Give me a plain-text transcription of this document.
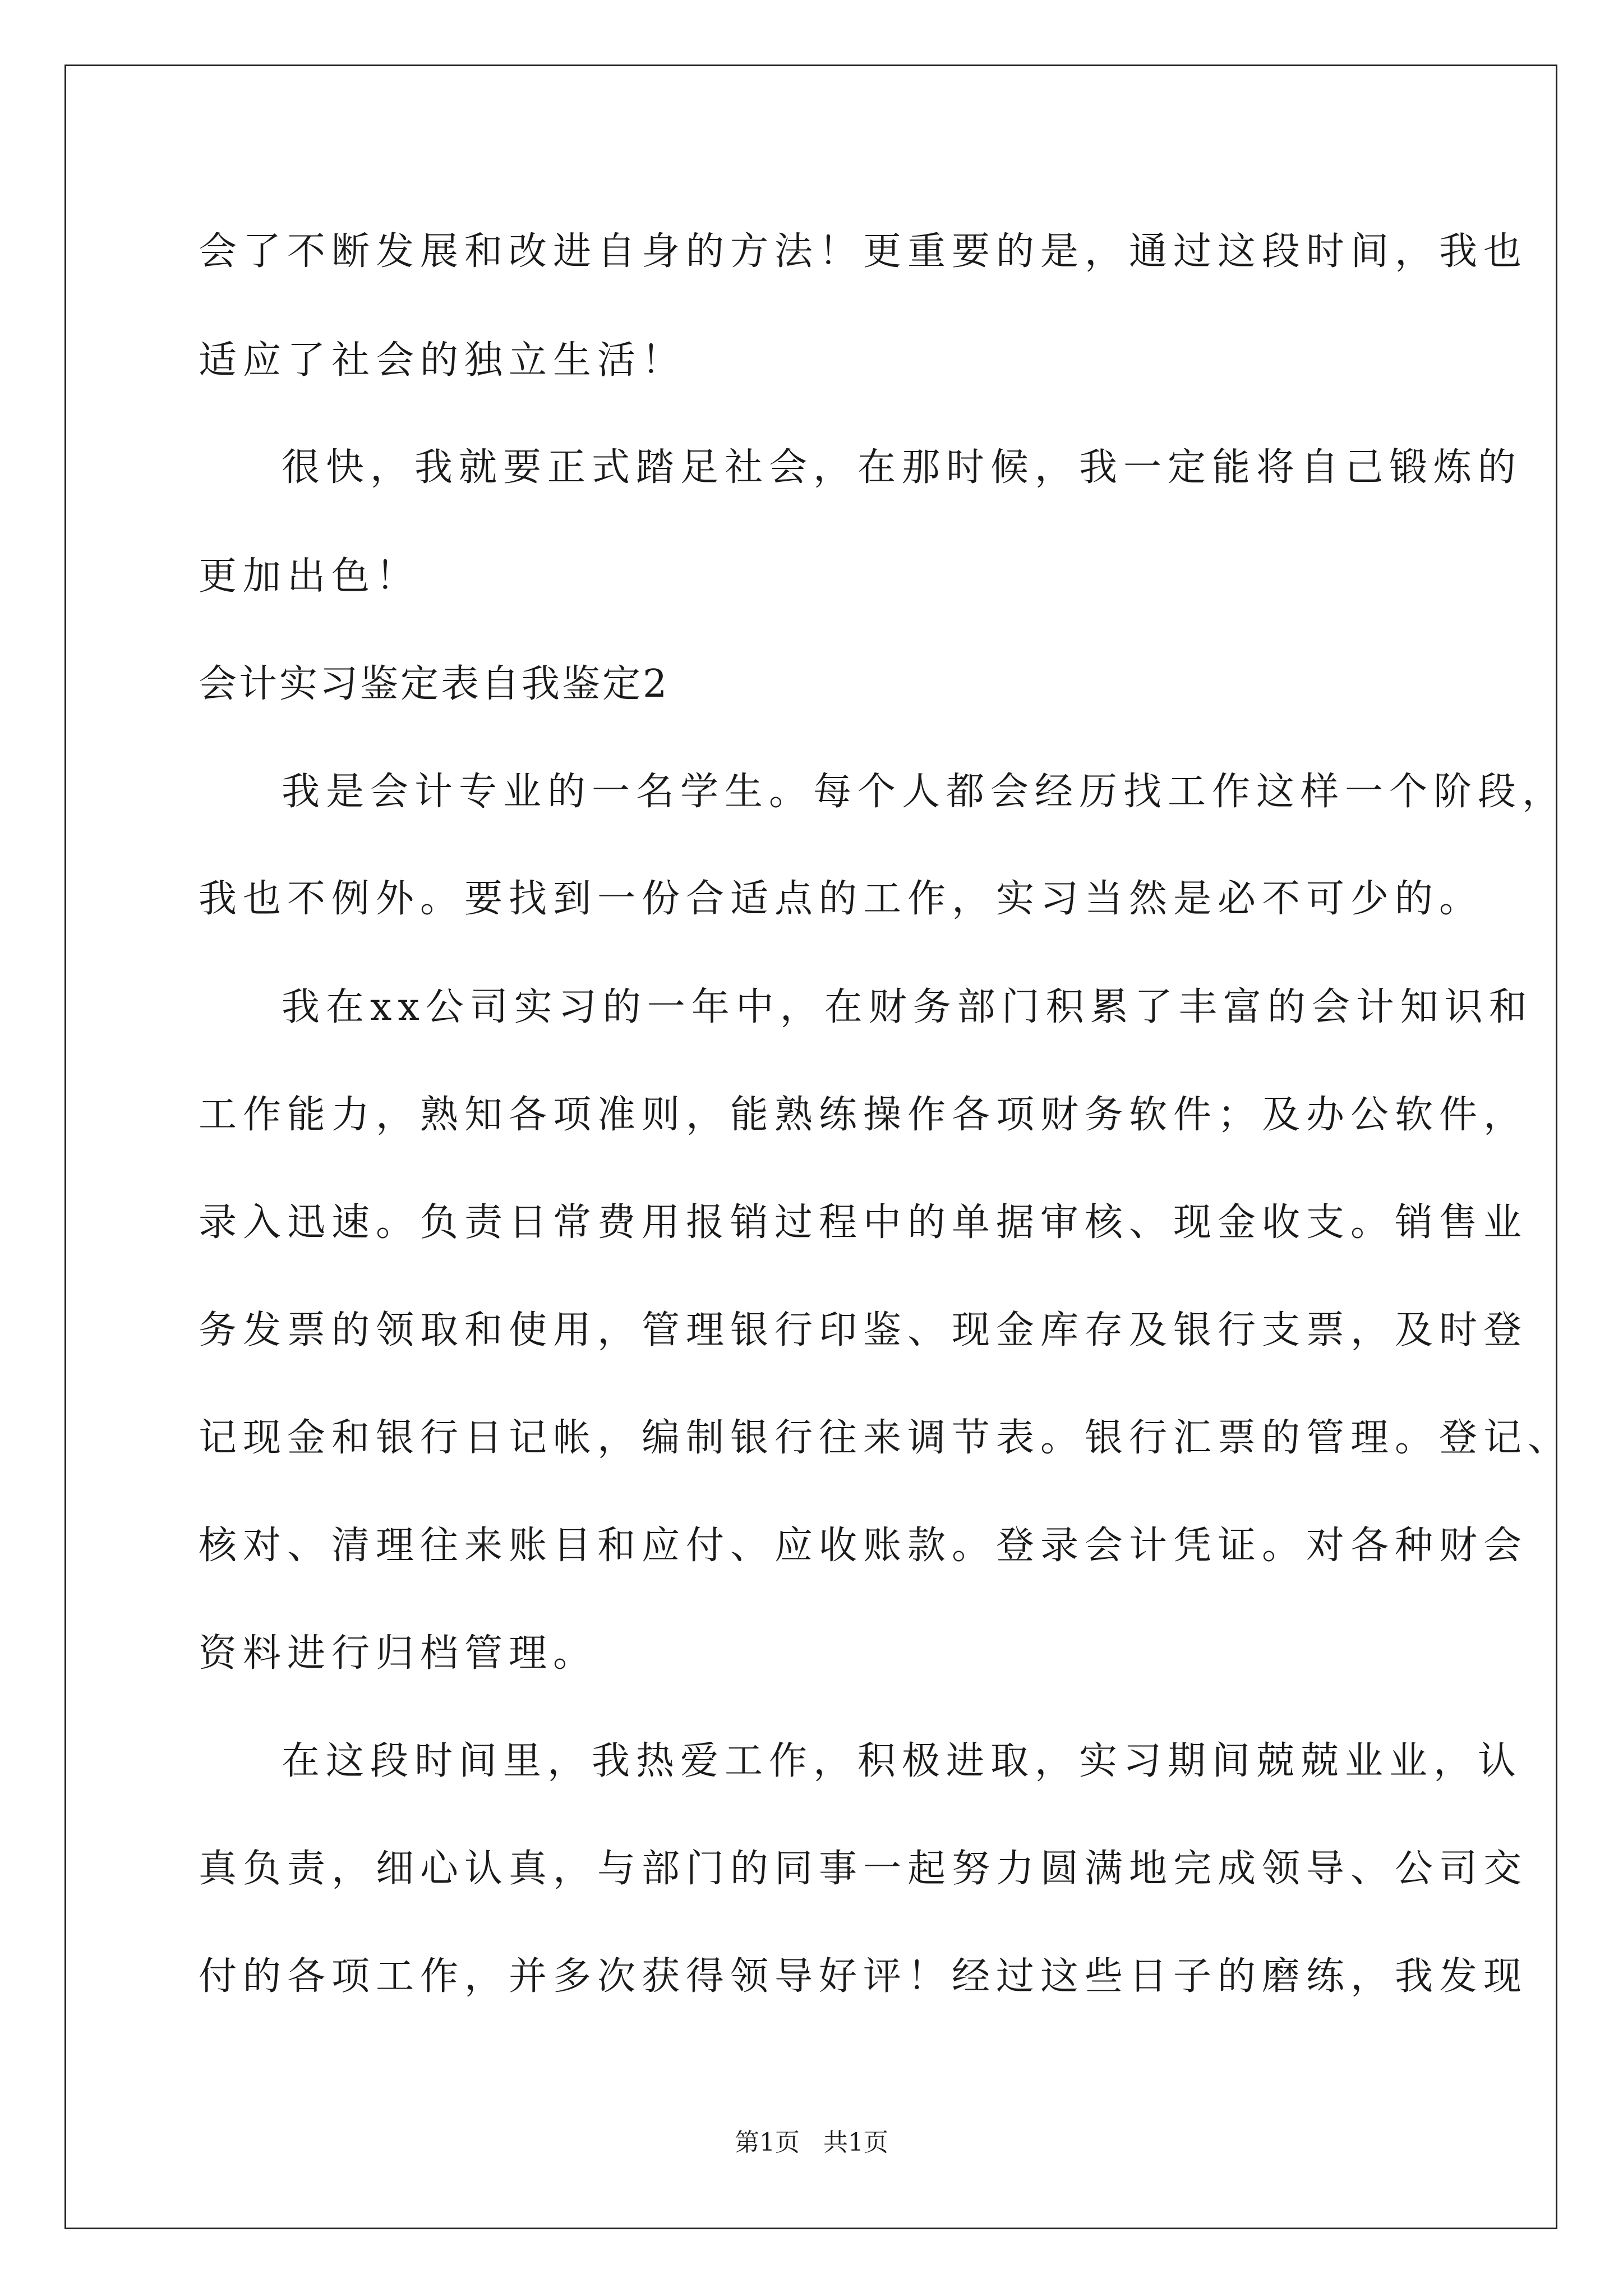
会了不断发展和改进自身的方法！更重要的是，通过这段时间，我也
适应了社会的独立生活！
很快，我就要正式踏足社会，在那时候，我一定能将自己锻炼的
更加出色！
会计实习鉴定表自我鉴定2
我是会计专业的一名学生。每个人都会经历找工作这样一个阶段，
我也不例外。要找到一份合适点的工作，实习当然是必不可少的。
我在xx公司实习的一年中，在财务部门积累了丰富的会计知识和
工作能力，熟知各项准则，能熟练操作各项财务软件；及办公软件，
录入迅速。负责日常费用报销过程中的单据审核、现金收支。销售业
务发票的领取和使用，管理银行印鉴、现金库存及银行支票，及时登
记现金和银行日记帐，编制银行往来调节表。银行汇票的管理。登记、
核对、清理往来账目和应付、应收账款。登录会计凭证。对各种财会
资料进行归档管理。
在这段时间里，我热爱工作，积极进取，实习期间兢兢业业，认
真负责，细心认真，与部门的同事一起努力圆满地完成领导、公司交
付的各项工作，并多次获得领导好评！经过这些日子的磨练，我发现
第1页 共1页
